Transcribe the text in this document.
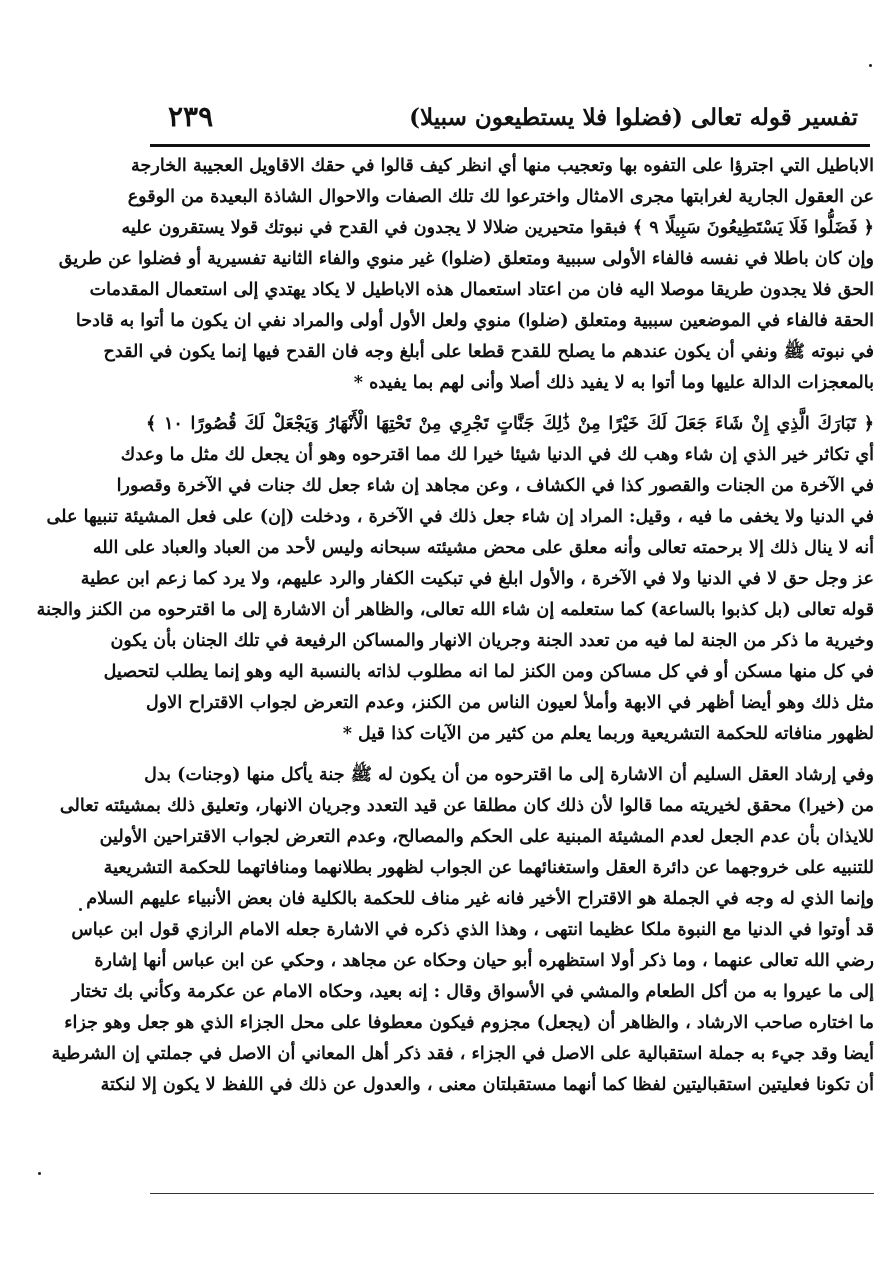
تفسير قوله تعالى (فضلوا فلا يستطيعون سبيلا)
٢٣٩
الاباطيل التي اجترؤا على التفوه بها وتعجيب منها أي انظر كيف قالوا في حقك الاقاويل العجيبة الخارجة
عن العقول الجارية لغرابتها مجرى الامثال واخترعوا لك تلك الصفات والاحوال الشاذة البعيدة من الوقوع
﴿ فَضَلُّوا فَلَا يَسْتَطِيعُونَ سَبِيلًا ٩ ﴾ فبقوا متحيرين ضلالا لا يجدون في القدح في نبوتك قولا يستقرون عليه
وإن كان باطلا في نفسه فالفاء الأولى سببية ومتعلق (ضلوا) غير منوي والفاء الثانية تفسيرية أو فضلوا عن طريق
الحق فلا يجدون طريقا موصلا اليه فان من اعتاد استعمال هذه الاباطيل لا يكاد يهتدي إلى استعمال المقدمات
الحقة فالفاء في الموضعين سببية ومتعلق (ضلوا) منوي ولعل الأول أولى والمراد نفي ان يكون ما أتوا به قادحا
في نبوته ﷺ ونفي أن يكون عندهم ما يصلح للقدح قطعا على أبلغ وجه فان القدح فيها إنما يكون في القدح
بالمعجزات الدالة عليها وما أتوا به لا يفيد ذلك أصلا وأنى لهم بما يفيده *
﴿ تَبَارَكَ الَّذِي إِنْ شَاءَ جَعَلَ لَكَ خَيْرًا مِنْ ذَٰلِكَ جَنَّاتٍ تَجْرِي مِنْ تَحْتِهَا الْأَنْهَارُ وَيَجْعَلْ لَكَ قُصُورًا ١٠ ﴾
أي تكاثر خير الذي إن شاء وهب لك في الدنيا شيئا خيرا لك مما اقترحوه وهو أن يجعل لك مثل ما وعدك
في الآخرة من الجنات والقصور كذا في الكشاف ، وعن مجاهد إن شاء جعل لك جنات في الآخرة وقصورا
في الدنيا ولا يخفى ما فيه ، وقيل: المراد إن شاء جعل ذلك في الآخرة ، ودخلت (إن) على فعل المشيئة تنبيها على
أنه لا ينال ذلك إلا برحمته تعالى وأنه معلق على محض مشيئته سبحانه وليس لأحد من العباد والعباد على الله
عز وجل حق لا في الدنيا ولا في الآخرة ، والأول ابلغ في تبكيت الكفار والرد عليهم، ولا يرد كما زعم ابن عطية
قوله تعالى (بل كذبوا بالساعة) كما ستعلمه إن شاء الله تعالى، والظاهر أن الاشارة إلى ما اقترحوه من الكنز والجنة
وخيرية ما ذكر من الجنة لما فيه من تعدد الجنة وجريان الانهار والمساكن الرفيعة في تلك الجنان بأن يكون
في كل منها مسكن أو في كل مساكن ومن الكنز لما انه مطلوب لذاته بالنسبة اليه وهو إنما يطلب لتحصيل
مثل ذلك وهو أيضا أظهر في الابهة وأملأ لعيون الناس من الكنز، وعدم التعرض لجواب الاقتراح الاول
لظهور منافاته للحكمة التشريعية وربما يعلم من كثير من الآيات كذا قيل *
وفي إرشاد العقل السليم أن الاشارة إلى ما اقترحوه من أن يكون له ﷺ جنة يأكل منها (وجنات) بدل
من (خيرا) محقق لخيريته مما قالوا لأن ذلك كان مطلقا عن قيد التعدد وجريان الانهار، وتعليق ذلك بمشيئته تعالى
للايذان بأن عدم الجعل لعدم المشيئة المبنية على الحكم والمصالح، وعدم التعرض لجواب الاقتراحين الأولين
للتنبيه على خروجهما عن دائرة العقل واستغنائهما عن الجواب لظهور بطلانهما ومنافاتهما للحكمة التشريعية
وإنما الذي له وجه في الجملة هو الاقتراح الأخير فانه غير مناف للحكمة بالكلية فان بعض الأنبياء عليهم السلام
قد أوتوا في الدنيا مع النبوة ملكا عظيما انتهى ، وهذا الذي ذكره في الاشارة جعله الامام الرازي قول ابن عباس
رضي الله تعالى عنهما ، وما ذكر أولا استظهره أبو حيان وحكاه عن مجاهد ، وحكي عن ابن عباس أنها إشارة
إلى ما عيروا به من أكل الطعام والمشي في الأسواق وقال : إنه بعيد، وحكاه الامام عن عكرمة وكأني بك تختار
ما اختاره صاحب الارشاد ، والظاهر أن (يجعل) مجزوم فيكون معطوفا على محل الجزاء الذي هو جعل وهو جزاء
أيضا وقد جيء به جملة استقبالية على الاصل في الجزاء ، فقد ذكر أهل المعاني أن الاصل في جملتي إن الشرطية
أن تكونا فعليتين استقباليتين لفظا كما أنهما مستقبلتان معنى ، والعدول عن ذلك في اللفظ لا يكون إلا لنكتة
